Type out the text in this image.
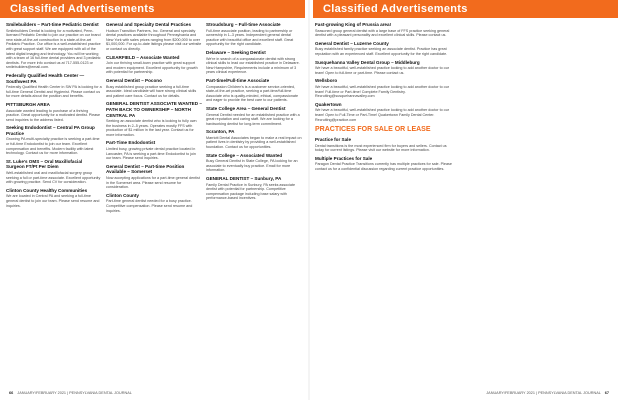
Classified Advertisements	Classified Advertisements
Smilebuilders – Part-time Pediatric Dentist
Smilebuilders Dental is looking for a motivated, Penn-licensed Pediatric Dentist to join our practice on our brand new state-of-the-art construction in a state-of-the-art Pediatric Practice. Our office is a well-established practice with great support staff. We are equipped with all of the latest digital imaging and technology. You will be working with a team of 16 full-time dental providers and 3 pediatric dentists. For more info contact us at 717-555-0123 or smilebuilders@email.com.
Federally Qualified Health Center — Southwest PA
Federally Qualified Health Center in SW PA is looking for a full-time General Dentist and Hygienist. Please contact us for more details about the position and benefits.
PITTSBURGH AREA
Associate wanted leading to purchase of a thriving practice. Great opportunity for a motivated dentist. Please send inquiries to the address listed.
Seeking Endodontist – Central PA Group Practice
Growing PA multi-specialty practice is seeking a part-time or full-time Endodontist to join our team. Excellent compensation and benefits. Modern facility with latest technology. Contact us for more information.
St. Luke's OMS – Oral Maxillofacial Surgeon FT/Pt Per Diem
Well-established oral and maxillofacial surgery group seeking a full or part-time associate. Excellent opportunity with growing practice. Send CV for consideration.
Clinton County Healthy Communities
We are located in Central PA and seeking a full-time general dentist to join our team. Please send resume and inquiries.
General and Specialty Dental Practices
Hudson Transition Partners, Inc. General and specialty dental practices available throughout Pennsylvania and New York with sales prices ranging from $200,000 to over $1,000,000. For up-to-date listings please visit our website or contact us directly.
CLEARFIELD – Associate Wanted
Join our thriving small-town practice with great support and modern equipment. Excellent opportunity for growth with potential for partnership.
General Dentist – Pocono
Busy established group practice seeking a full-time associate. Ideal candidate will have strong clinical skills and patient care focus. Contact us for details.
GENERAL DENTIST ASSOCIATE WANTED – PATH BACK TO OWNERSHIP – NORTH CENTRAL PA
Seeking an associate dentist who is looking to fully own the business in 2–5 years. Operates mostly FFS with production of $1 million in the last year. Contact us for more information.
Part-Time Endodontist
Limited busy, growing private dental practice located in Lancaster, PA is seeking a part-time Endodontist to join our team. Please send inquiries.
General Dentist – Part-time Position Available – Somerset
Now accepting applications for a part-time general dentist in the Somerset area. Please send resume for consideration.
Clinton County
Part-time general dentist needed for a busy practice. Competitive compensation. Please send resume and inquiries.
Stroudsburg – Full-time Associate
Full-time associate position, leading to partnership or ownership in 1–3 years. Independent general dental practice with beautiful office and excellent staff. Great opportunity for the right candidate.
Delaware – Seeking Dentist
We're in search of a compassionate dentist with strong clinical skills to lead our established practice in Delaware. New Hampshire, Requirements include a minimum of 3 years clinical experience.
Part-time/Full-time Associate
Compassion Children's is a customer service-oriented, state-of-the-art practice, seeking a part-time/full-time Associate who is quality-minded, ethical, compassionate and eager to provide the best care to our patients.
State College Area – General Dentist
General Dentist needed for an established practice with a great reputation and caring staff. We are looking for a hardworking dentist for long-term commitment.
Scranton, PA
Marriott Dental Associates began to make a real impact on patient lives in dentistry by providing a well-established foundation. Contact us for opportunities.
State College – Associated Wanted
Busy General Dentist in State College, PA looking for an associate to eventually buy practice. Email for more information.
GENERAL DENTIST – Sunbury, PA
Family Dental Practice in Sunbury, PA seeks associate dentist with potential for partnership. Competitive compensation package including base salary with performance-based incentives.
Fast-growing King of Prussia area!
Seasoned group general dentist with a large base of FFS practice seeking general dentist with a pleasant personality and excellent clinical skills. Please contact us.
General Dentist – Luzerne County
Busy established family practice seeking an associate dentist. Practice has great reputation with an experienced staff. Excellent opportunity for the right candidate.
Susquehanna Valley Dental Group – Middleburg
We have a beautiful, well-established practice looking to add another doctor to our team! Open to full-time or part-time. Please contact us.
Wellsboro
We have a beautiful, well-established practice looking to add another doctor to our team! Full-time or Part-time! Complete Family Dentistry. Recruiting@susquehannavalley.com
Quakertown
We have a beautiful, well-established practice looking to add another doctor to our team! Open to Full-Time or Part-Time! Quakertown Family Dental Center. Recruiting@practice.com
PRACTICES FOR SALE OR LEASE
Practice for Sale
Dental transitions is the most experienced firm for buyers and sellers. Contact us today for current listings. Please visit our website for more information.
Multiple Practices for Sale
Paragon Dental Practice Transitions currently has multiple practices for sale. Please contact us for a confidential discussion regarding current practice opportunities.
66 JANUARY/FEBRUARY 2021 | PENNSYLVANIA DENTAL JOURNAL	JANUARY/FEBRUARY 2021 | PENNSYLVANIA DENTAL JOURNAL 67
